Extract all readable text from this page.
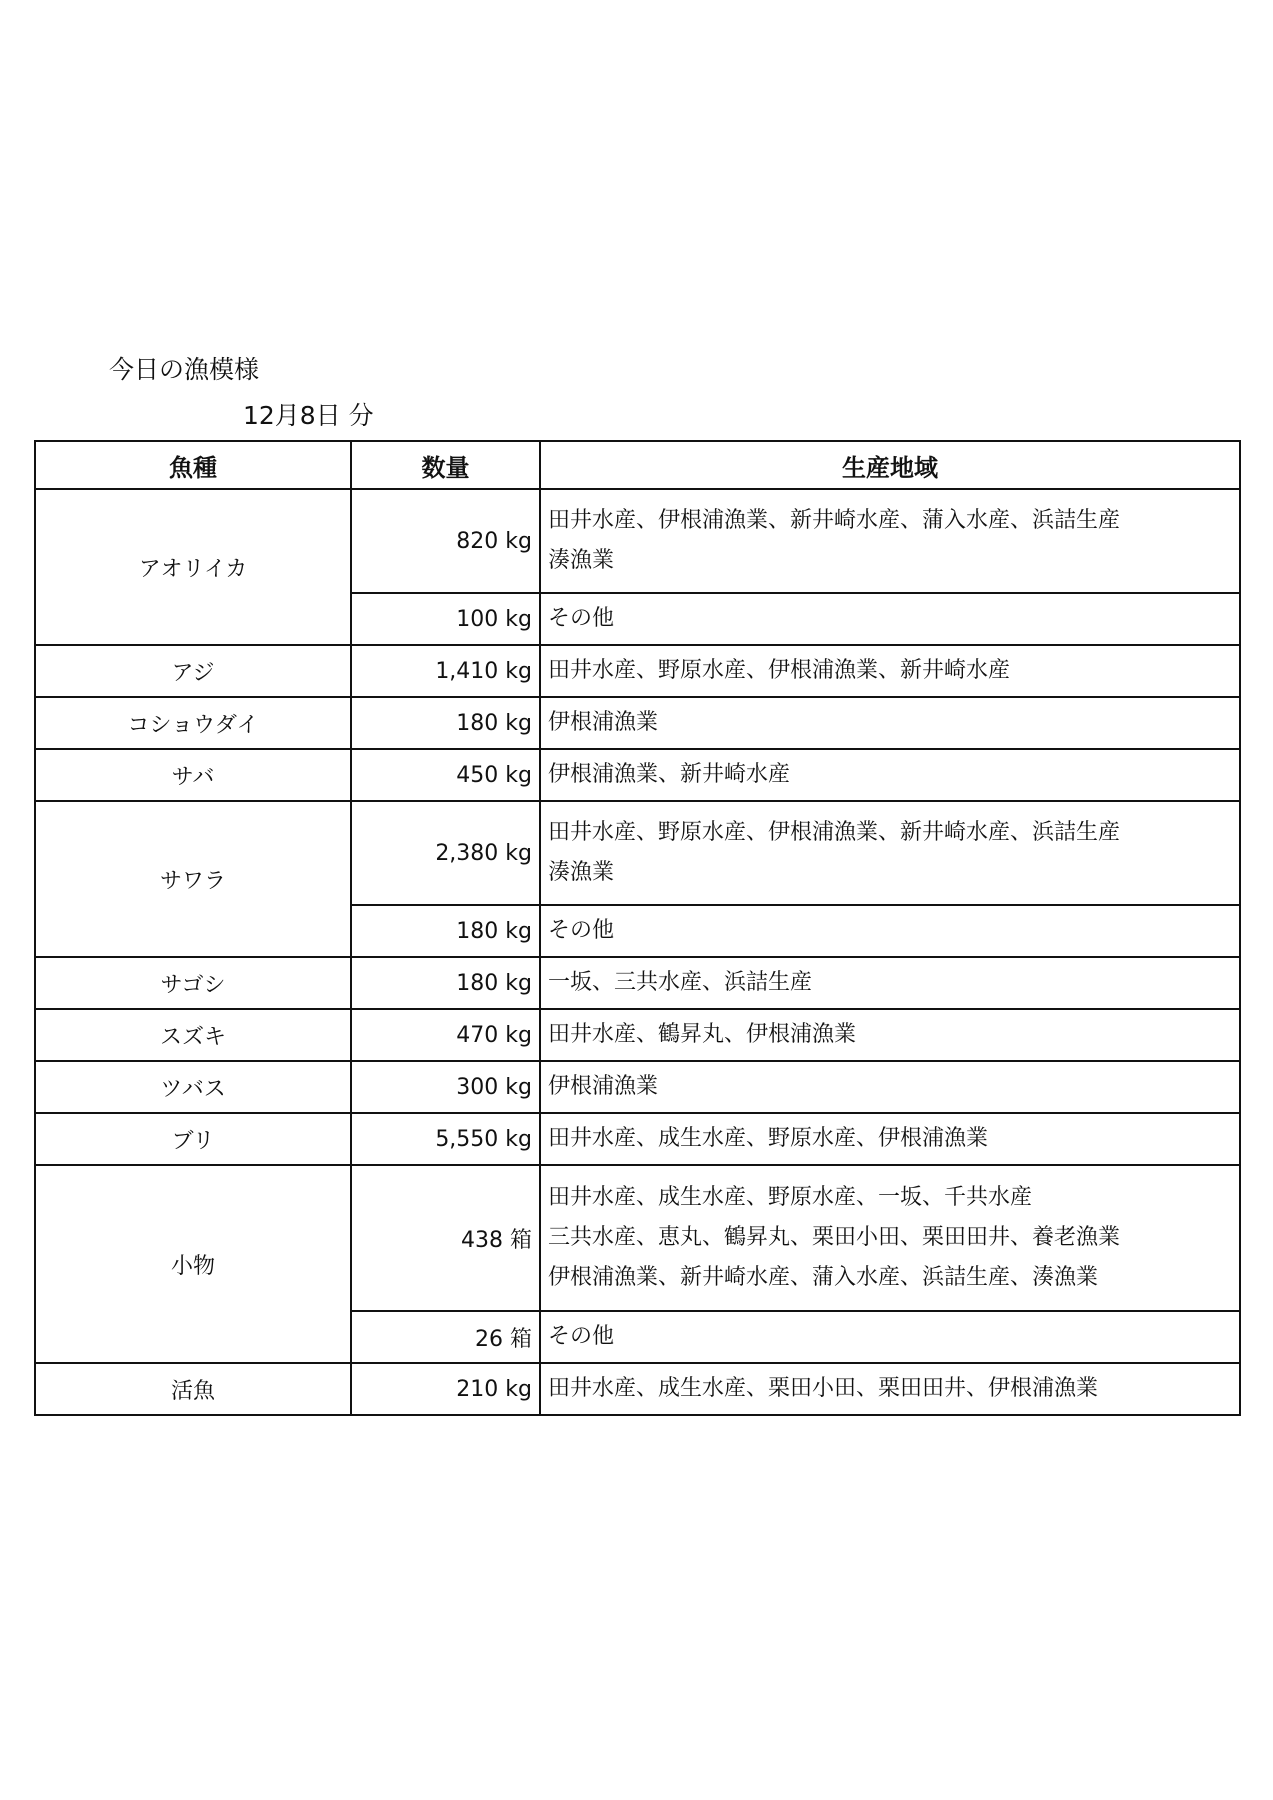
今日の漁模様
12月8日 分
魚種	数量	生産地域
アオリイカ	820 kg	田井水産、伊根浦漁業、新井崎水産、蒲入水産、浜詰生産
湊漁業

	100 kg	その他
アジ	1,410 kg	田井水産、野原水産、伊根浦漁業、新井崎水産
コショウダイ	180 kg	伊根浦漁業
サバ	450 kg	伊根浦漁業、新井崎水産
サワラ	2,380 kg	田井水産、野原水産、伊根浦漁業、新井崎水産、浜詰生産
湊漁業

	180 kg	その他
サゴシ	180 kg	一坂、三共水産、浜詰生産
スズキ	470 kg	田井水産、鶴昇丸、伊根浦漁業
ツバス	300 kg	伊根浦漁業
ブリ	5,550 kg	田井水産、成生水産、野原水産、伊根浦漁業
小物	438 箱	田井水産、成生水産、野原水産、一坂、千共水産
三共水産、恵丸、鶴昇丸、栗田小田、栗田田井、養老漁業
伊根浦漁業、新井崎水産、蒲入水産、浜詰生産、湊漁業

	26 箱	その他
活魚	210 kg	田井水産、成生水産、栗田小田、栗田田井、伊根浦漁業
